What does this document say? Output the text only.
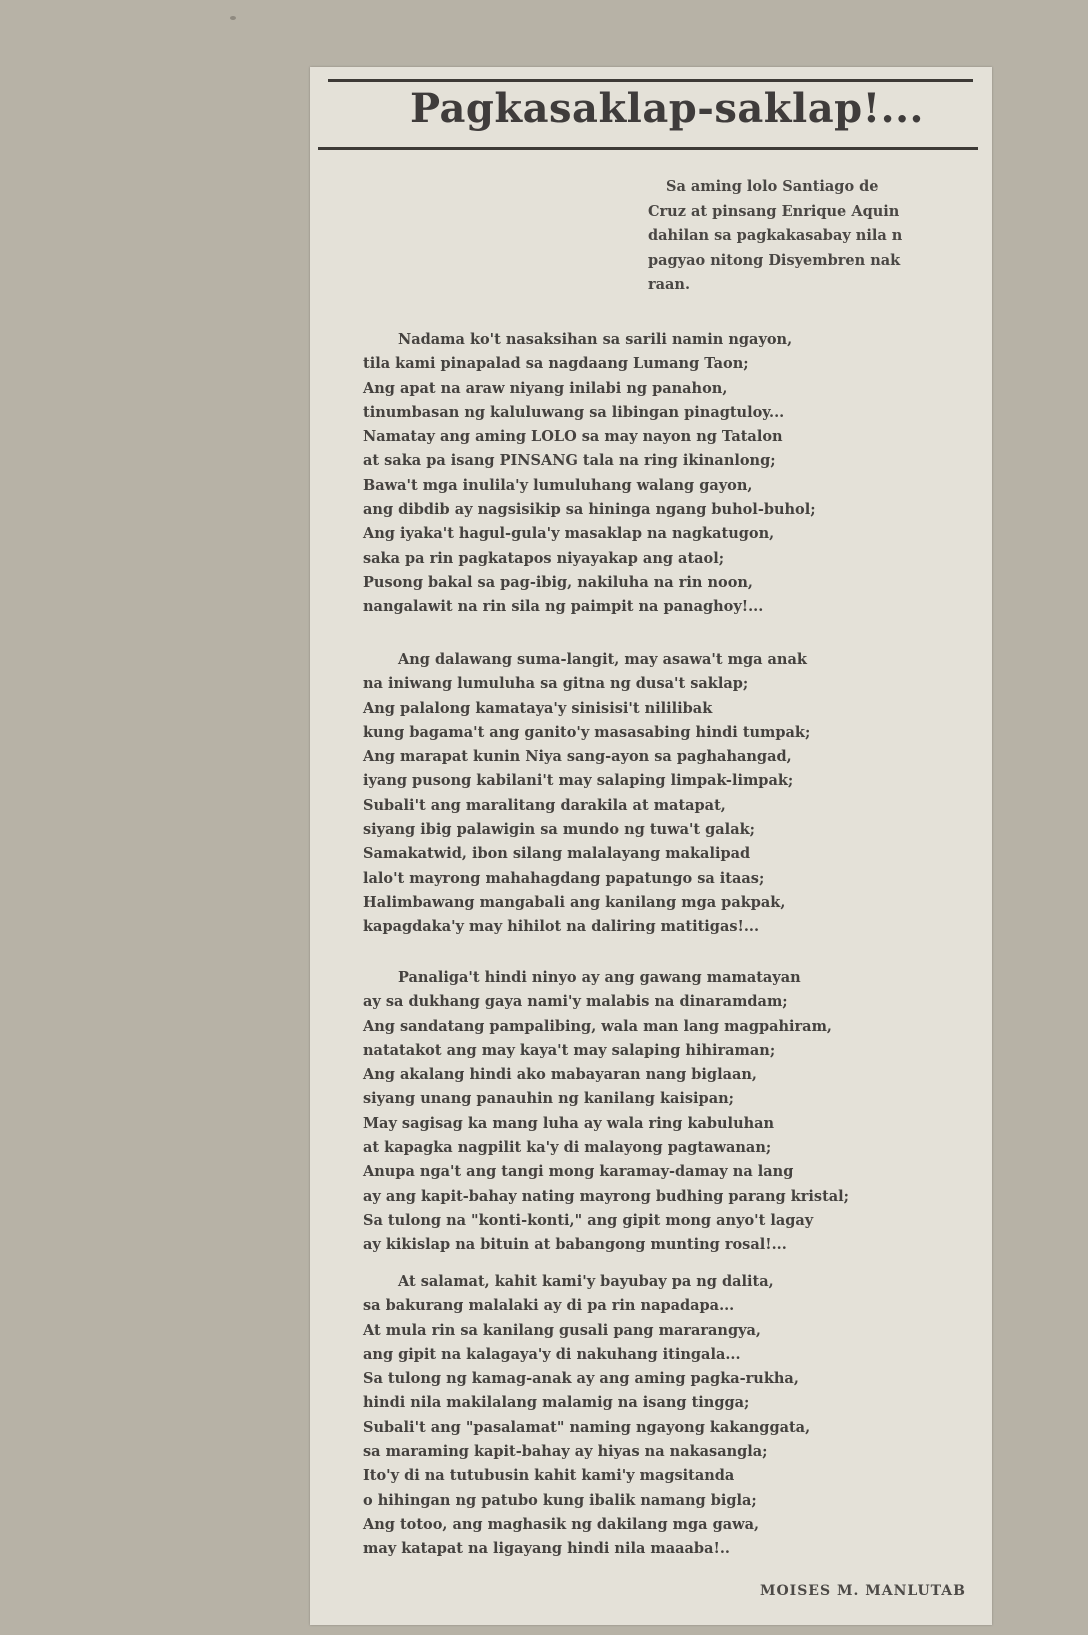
Pagkasaklap-saklap!...
Sa aming lolo Santiago de
Cruz at pinsang Enrique Aquin
dahilan sa pagkakasabay nila n
pagyao nitong Disyembren nak
raan.
Nadama ko't nasaksihan sa sarili namin ngayon,
tila kami pinapalad sa nagdaang Lumang Taon;
Ang apat na araw niyang inilabi ng panahon,
tinumbasan ng kaluluwang sa libingan pinagtuloy...
Namatay ang aming LOLO sa may nayon ng Tatalon
at saka pa isang PINSANG tala na ring ikinanlong;
Bawa't mga inulila'y lumuluhang walang gayon,
ang dibdib ay nagsisikip sa hininga ngang buhol-buhol;
Ang iyaka't hagul-gula'y masaklap na nagkatugon,
saka pa rin pagkatapos niyayakap ang ataol;
Pusong bakal sa pag-ibig, nakiluha na rin noon,
nangalawit na rin sila ng paimpit na panaghoy!...
Ang dalawang suma-langit, may asawa't mga anak
na iniwang lumuluha sa gitna ng dusa't saklap;
Ang palalong kamataya'y sinisisi't nililibak
kung bagama't ang ganito'y masasabing hindi tumpak;
Ang marapat kunin Niya sang-ayon sa paghahangad,
iyang pusong kabilani't may salaping limpak-limpak;
Subali't ang maralitang darakila at matapat,
siyang ibig palawigin sa mundo ng tuwa't galak;
Samakatwid, ibon silang malalayang makalipad
lalo't mayrong mahahagdang papatungo sa itaas;
Halimbawang mangabali ang kanilang mga pakpak,
kapagdaka'y may hihilot na daliring matitigas!...
Panaliga't hindi ninyo ay ang gawang mamatayan
ay sa dukhang gaya nami'y malabis na dinaramdam;
Ang sandatang pampalibing, wala man lang magpahiram,
natatakot ang may kaya't may salaping hihiraman;
Ang akalang hindi ako mabayaran nang biglaan,
siyang unang panauhin ng kanilang kaisipan;
May sagisag ka mang luha ay wala ring kabuluhan
at kapagka nagpilit ka'y di malayong pagtawanan;
Anupa nga't ang tangi mong karamay-damay na lang
ay ang kapit-bahay nating mayrong budhing parang kristal;
Sa tulong na "konti-konti," ang gipit mong anyo't lagay
ay kikislap na bituin at babangong munting rosal!...
At salamat, kahit kami'y bayubay pa ng dalita,
sa bakurang malalaki ay di pa rin napadapa...
At mula rin sa kanilang gusali pang mararangya,
ang gipit na kalagaya'y di nakuhang itingala...
Sa tulong ng kamag-anak ay ang aming pagka-rukha,
hindi nila makilalang malamig na isang tingga;
Subali't ang "pasalamat" naming ngayong kakanggata,
sa maraming kapit-bahay ay hiyas na nakasangla;
Ito'y di na tutubusin kahit kami'y magsitanda
o hihingan ng patubo kung ibalik namang bigla;
Ang totoo, ang maghasik ng dakilang mga gawa,
may katapat na ligayang hindi nila maaaba!..
MOISES M. MANLUTAB
